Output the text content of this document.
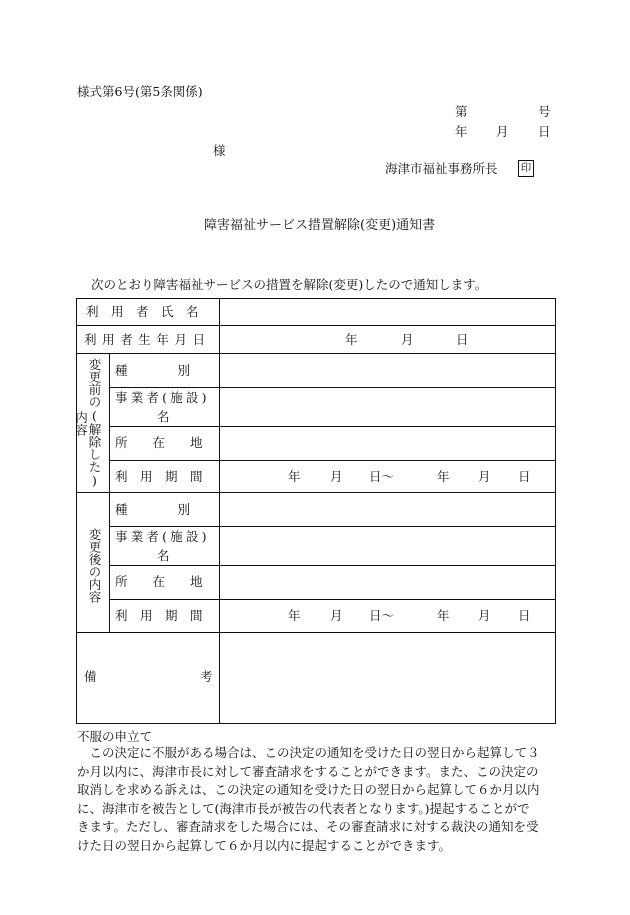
様式第6号(第5条関係)
第	号
年 月 日
様
海津市福祉事務所長 印
障害福祉サービス措置解除(変更)通知書
次のとおり障害福祉サービスの措置を解除(変更)したので通知します。
利　用　者　氏　名
利用者生年月日	年	月	日
変更前の(解除した)内容
種　　　　別
事業者(施設)
名
所　　在　　地
利　用　期　間	年 月 日～	年 月 日
変更後の内容
種　　　　別
事業者(施設)
名
所　　在　　地
利　用　期　間	年 月 日～	年 月 日
備	考
不服の申立て

　この決定に不服がある場合は、この決定の通知を受けた日の翌日から起算して３

か月以内に、海津市長に対して審査請求をすることができます。また、この決定の

取消しを求める訴えは、この決定の通知を受けた日の翌日から起算して６か月以内

に、海津市を被告として(海津市長が被告の代表者となります。)提起することがで

きます。ただし、審査請求をした場合には、その審査請求に対する裁決の通知を受

けた日の翌日から起算して６か月以内に提起することができます。
